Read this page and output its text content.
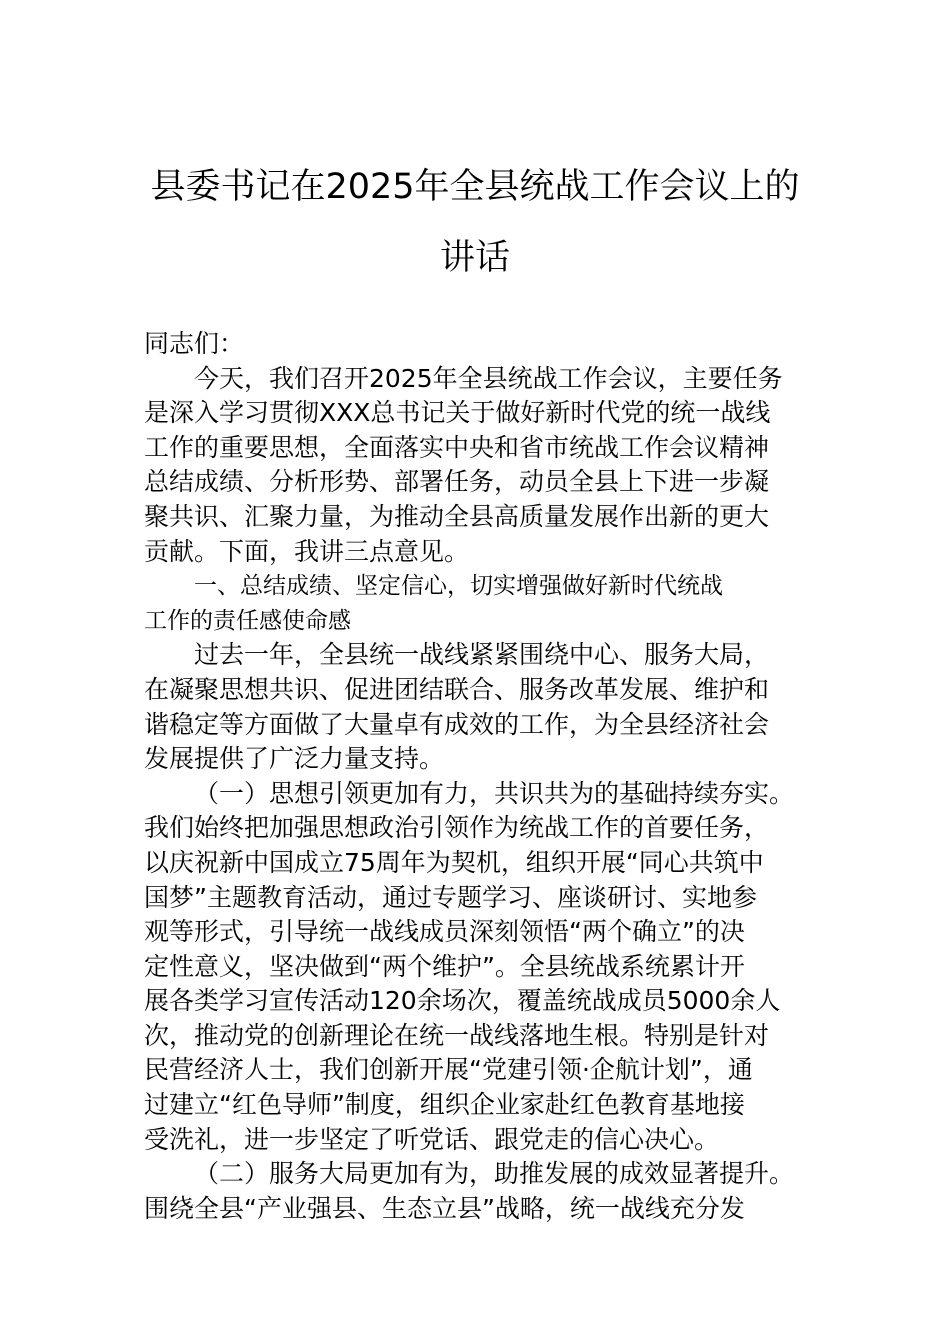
县委书记在2025年全县统战工作会议上的
讲话
同志们：
今天，我们召开2025年全县统战工作会议，主要任务
是深入学习贯彻XXX总书记关于做好新时代党的统一战线
工作的重要思想，全面落实中央和省市统战工作会议精神
总结成绩、分析形势、部署任务，动员全县上下进一步凝
聚共识、汇聚力量，为推动全县高质量发展作出新的更大
贡献。下面，我讲三点意见。
一、总结成绩、坚定信心，切实增强做好新时代统战
工作的责任感使命感
过去一年，全县统一战线紧紧围绕中心、服务大局，
在凝聚思想共识、促进团结联合、服务改革发展、维护和
谐稳定等方面做了大量卓有成效的工作，为全县经济社会
发展提供了广泛力量支持。
（一）思想引领更加有力，共识共为的基础持续夯实。
我们始终把加强思想政治引领作为统战工作的首要任务，
以庆祝新中国成立75周年为契机，组织开展“同心共筑中
国梦”主题教育活动，通过专题学习、座谈研讨、实地参
观等形式，引导统一战线成员深刻领悟“两个确立”的决
定性意义，坚决做到“两个维护”。全县统战系统累计开
展各类学习宣传活动120余场次，覆盖统战成员5000余人
次，推动党的创新理论在统一战线落地生根。特别是针对
民营经济人士，我们创新开展“党建引领·企航计划”，通
过建立“红色导师”制度，组织企业家赴红色教育基地接
受洗礼，进一步坚定了听党话、跟党走的信心决心。
（二）服务大局更加有为，助推发展的成效显著提升。
围绕全县“产业强县、生态立县”战略，统一战线充分发
